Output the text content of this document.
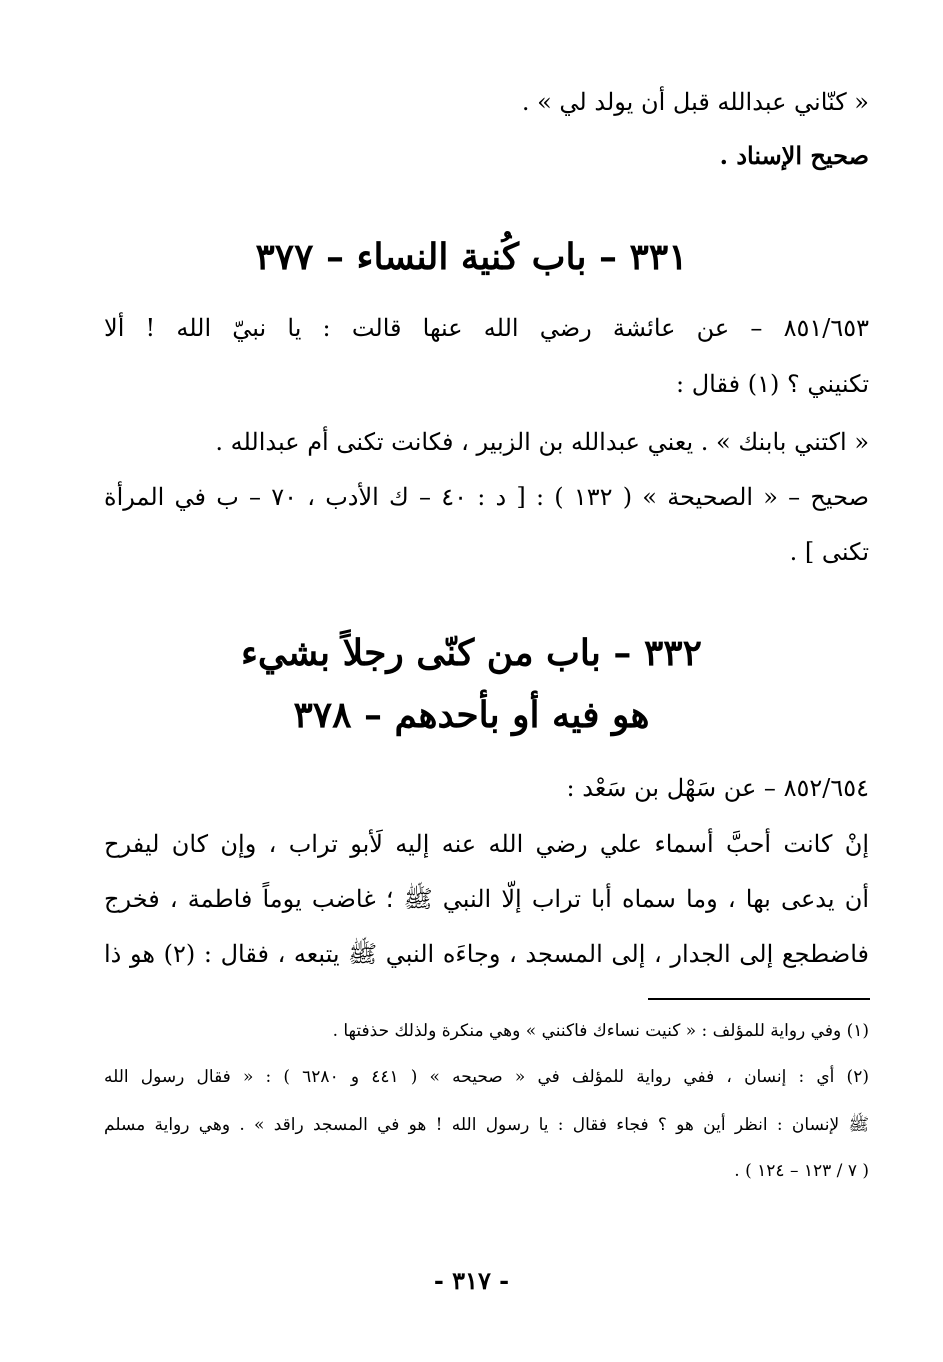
« كنّاني عبدالله قبل أن يولد لي » .
صحيح الإسناد .
٣٣١ – باب كُنية النساء – ٣٧٧
٨٥١/٦٥٣ – عن عائشة رضي الله عنها قالت : يا نبيّ الله ! ألا
تكنيني ؟ (١) فقال :
« اكتني بابنك » . يعني عبدالله بن الزبير ، فكانت تكنى أم عبدالله .
صحيح – « الصحيحة » ( ١٣٢ ) : [ د : ٤٠ – ك الأدب ، ٧٠ – ب في المرأة
تكنى ] .
٣٣٢ – باب من كنّى رجلاً بشيء
هو فيه أو بأحدهم – ٣٧٨
٨٥٢/٦٥٤ – عن سَهْل بن سَعْد :
إنْ كانت أحبَّ أسماء علي رضي الله عنه إليه لَأبو تراب ، وإن كان ليفرح
أن يدعى بها ، وما سماه أبا تراب إلّا النبي ﷺ ؛ غاضب يوماً فاطمة ، فخرج
فاضطجع إلى الجدار ، إلى المسجد ، وجاءَه النبي ﷺ يتبعه ، فقال : (٢) هو ذا
(١) وفي رواية للمؤلف : « كنيت نساءك فاكنني » وهي منكرة ولذلك حذفتها .
(٢) أي : إنسان ، ففي رواية للمؤلف في « صحيحه » ( ٤٤١ و ٦٢٨٠ ) : « فقال رسول الله
ﷺ لإنسان : انظر أين هو ؟ فجاء فقال : يا رسول الله ! هو في المسجد راقد » . وهي رواية مسلم
( ٧ / ١٢٣ – ١٢٤ ) .
- ٣١٧ -
